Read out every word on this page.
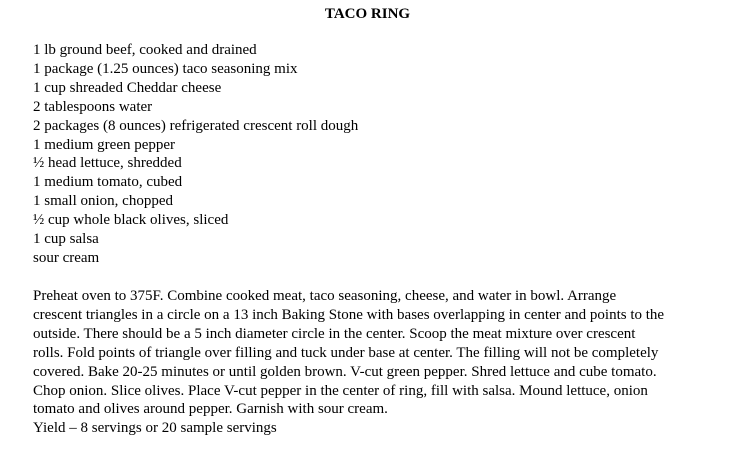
TACO RING
1 lb ground beef, cooked and drained
1 package (1.25 ounces) taco seasoning mix
1 cup shreaded Cheddar cheese
2 tablespoons water
2 packages (8 ounces) refrigerated crescent roll dough
1 medium green pepper
½ head lettuce, shredded
1 medium tomato, cubed
1 small onion, chopped
½ cup whole black olives, sliced
1 cup salsa
sour cream
Preheat oven to 375F. Combine cooked meat, taco seasoning, cheese, and water in bowl. Arrange
crescent triangles in a circle on a 13 inch Baking Stone with bases overlapping in center and points to the
outside. There should be a 5 inch diameter circle in the center. Scoop the meat mixture over crescent
rolls. Fold points of triangle over filling and tuck under base at center. The filling will not be completely
covered. Bake 20-25 minutes or until golden brown. V-cut green pepper. Shred lettuce and cube tomato.
Chop onion. Slice olives. Place V-cut pepper in the center of ring, fill with salsa. Mound lettuce, onion
tomato and olives around pepper. Garnish with sour cream.
Yield – 8 servings or 20 sample servings
